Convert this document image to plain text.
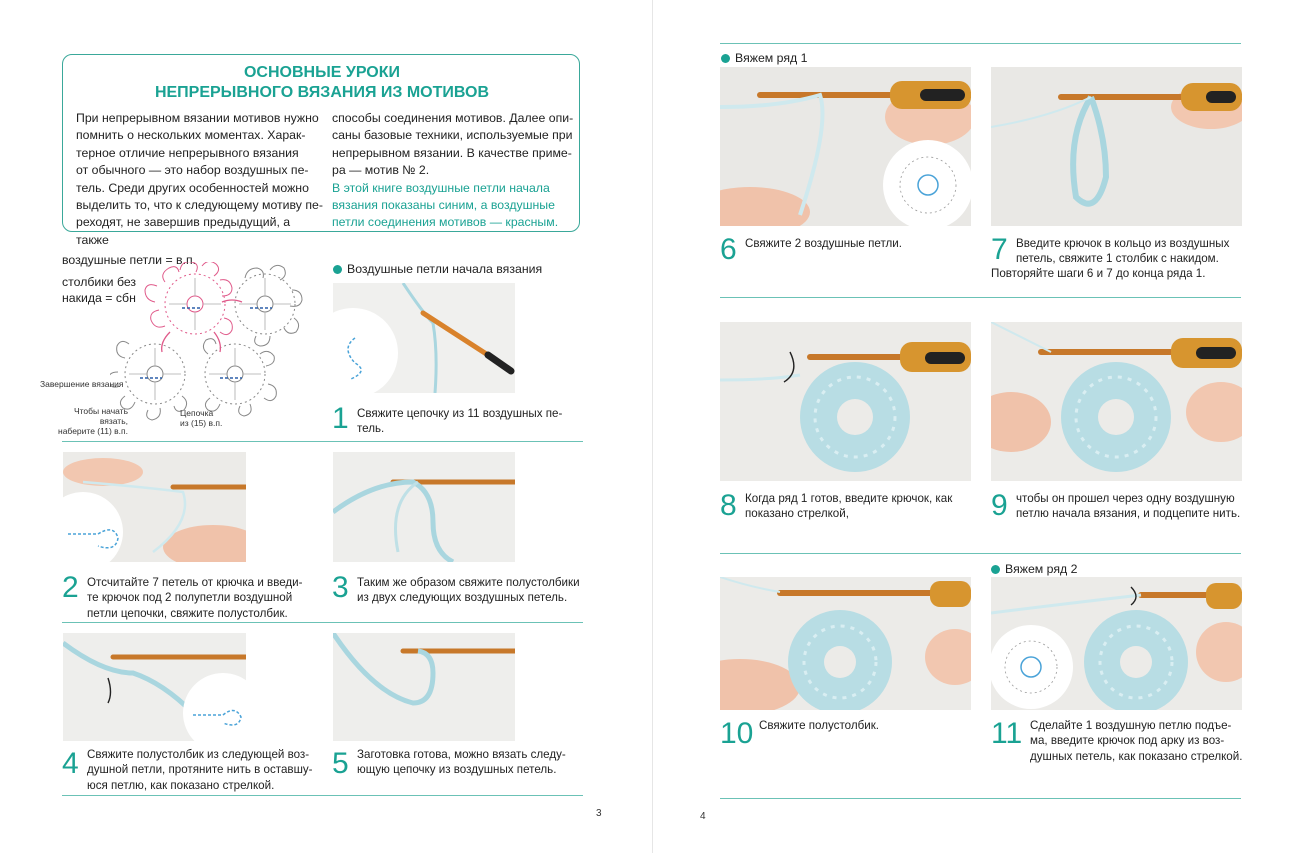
ОСНОВНЫЕ УРОКИ
НЕПРЕРЫВНОГО ВЯЗАНИЯ ИЗ МОТИВОВ
При непрерывном вязании мотивов нужно
помнить о нескольких моментах. Харак-
терное отличие непрерывного вязания
от обычного — это набор воздушных пе-
тель. Среди других особенностей можно
выделить то, что к следующему мотиву пе-
реходят, не завершив предыдущий, а также
способы соединения мотивов. Далее опи-
саны базовые техники, используемые при
непрерывном вязании. В качестве приме-
ра — мотив № 2.
В этой книге воздушные петли начала
вязания показаны синим, а воздушные
петли соединения мотивов — красным.
воздушные петли = в.п.
столбики без
накида = сбн
Завершение вязания
Чтобы начать вязать,
наберите (11) в.п.
Цепочка
из (15) в.п.
Воздушные петли начала вязания
1 Свяжите цепочку из 11 воздушных пе-
тель.
2 Отсчитайте 7 петель от крючка и введи-
те крючок под 2 полупетли воздушной
петли цепочки, свяжите полустолбик.
3 Таким же образом свяжите полустолбики
из двух следующих воздушных петель.
4 Свяжите полустолбик из следующей воз-
душной петли, протяните нить в оставшу-
юся петлю, как показано стрелкой.
5 Заготовка готова, можно вязать следу-
ющую цепочку из воздушных петель.
3
Вяжем ряд 1
6 Свяжите 2 воздушные петли.	7 Введите крючок в кольцо из воздушных
петель, свяжите 1 столбик с накидом.
Повторяйте шаги 6 и 7 до конца ряда 1.
8 Когда ряд 1 готов, введите крючок, как
показано стрелкой,	9 чтобы он прошел через одну воздушную
петлю начала вязания, и подцепите нить.
Вяжем ряд 2
10 Свяжите полустолбик.	11 Сделайте 1 воздушную петлю подъе-
ма, введите крючок под арку из воз-
душных петель, как показано стрелкой.
4
